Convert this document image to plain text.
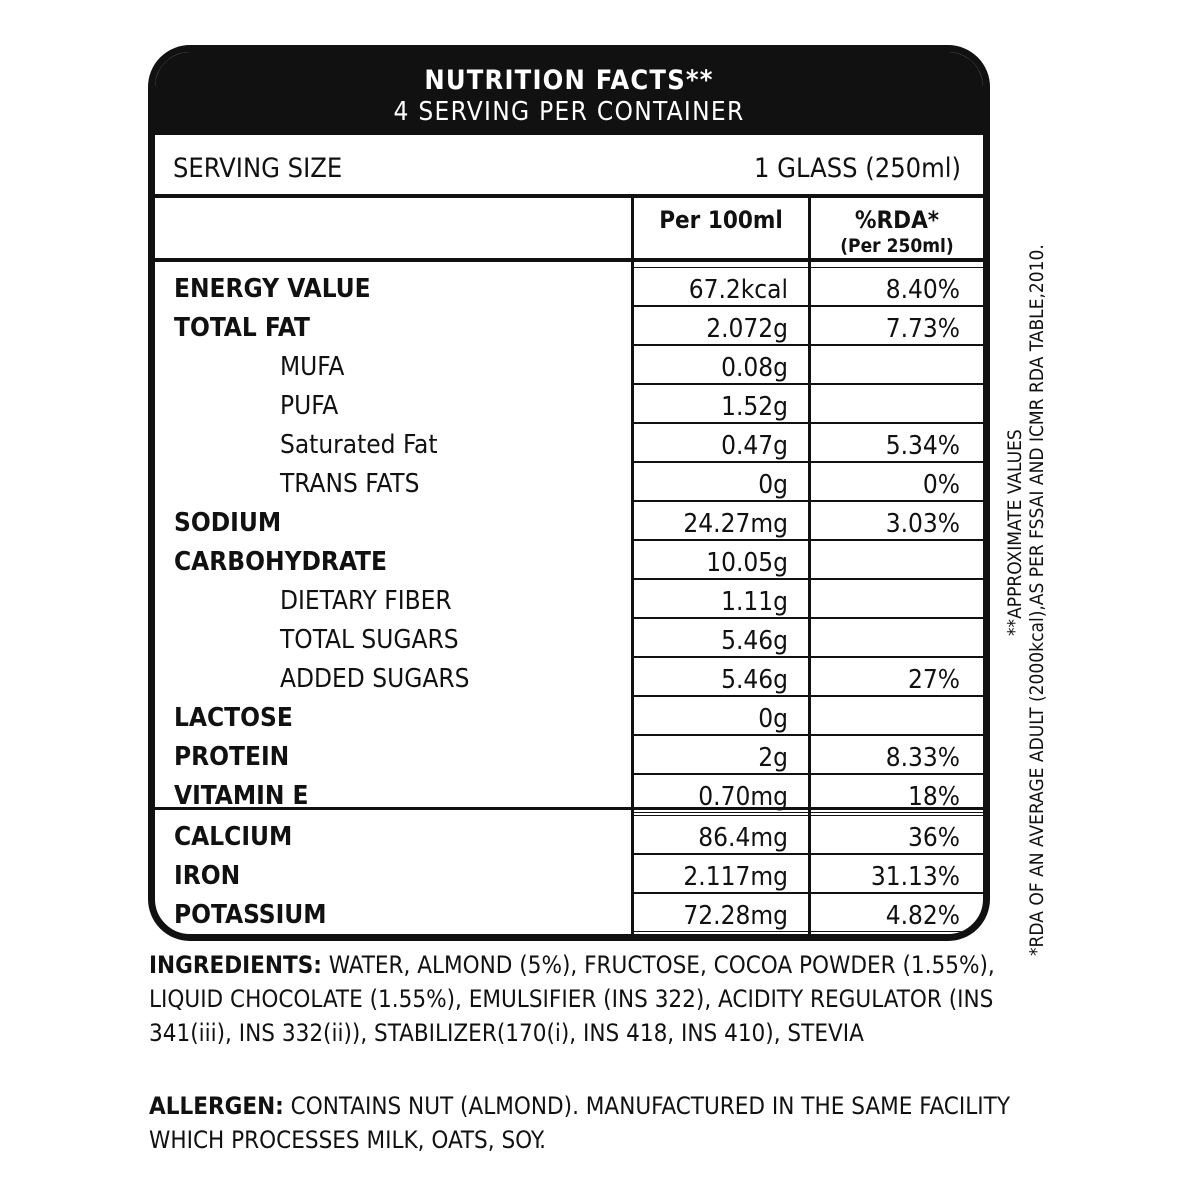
NUTRITION FACTS**
4 SERVING PER CONTAINER
SERVING SIZE	1 GLASS (250ml)
Per 100ml	%RDA*
(Per 250ml)
ENERGY VALUE	67.2kcal	8.40%
TOTAL FAT	2.072g	7.73%
MUFA	0.08g
PUFA	1.52g
Saturated Fat	0.47g	5.34%
TRANS FATS	0g	0%
SODIUM	24.27mg	3.03%
CARBOHYDRATE	10.05g
DIETARY FIBER	1.11g
TOTAL SUGARS	5.46g
ADDED SUGARS	5.46g	27%
LACTOSE	0g
PROTEIN	2g	8.33%
VITAMIN E	0.70mg	18%
CALCIUM	86.4mg	36%
IRON	2.117mg	31.13%
POTASSIUM	72.28mg	4.82%
**APPROXIMATE VALUES *RDA OF AN AVERAGE ADULT (2000kcal),AS PER FSSAI AND ICMR RDA TABLE,2010.
INGREDIENTS: WATER, ALMOND (5%), FRUCTOSE, COCOA POWDER (1.55%), LIQUID CHOCOLATE (1.55%), EMULSIFIER (INS 322), ACIDITY REGULATOR (INS 341(iii), INS 332(ii)), STABILIZER(170(i), INS 418, INS 410), STEVIA
ALLERGEN: CONTAINS NUT (ALMOND). MANUFACTURED IN THE SAME FACILITY WHICH PROCESSES MILK, OATS, SOY.
